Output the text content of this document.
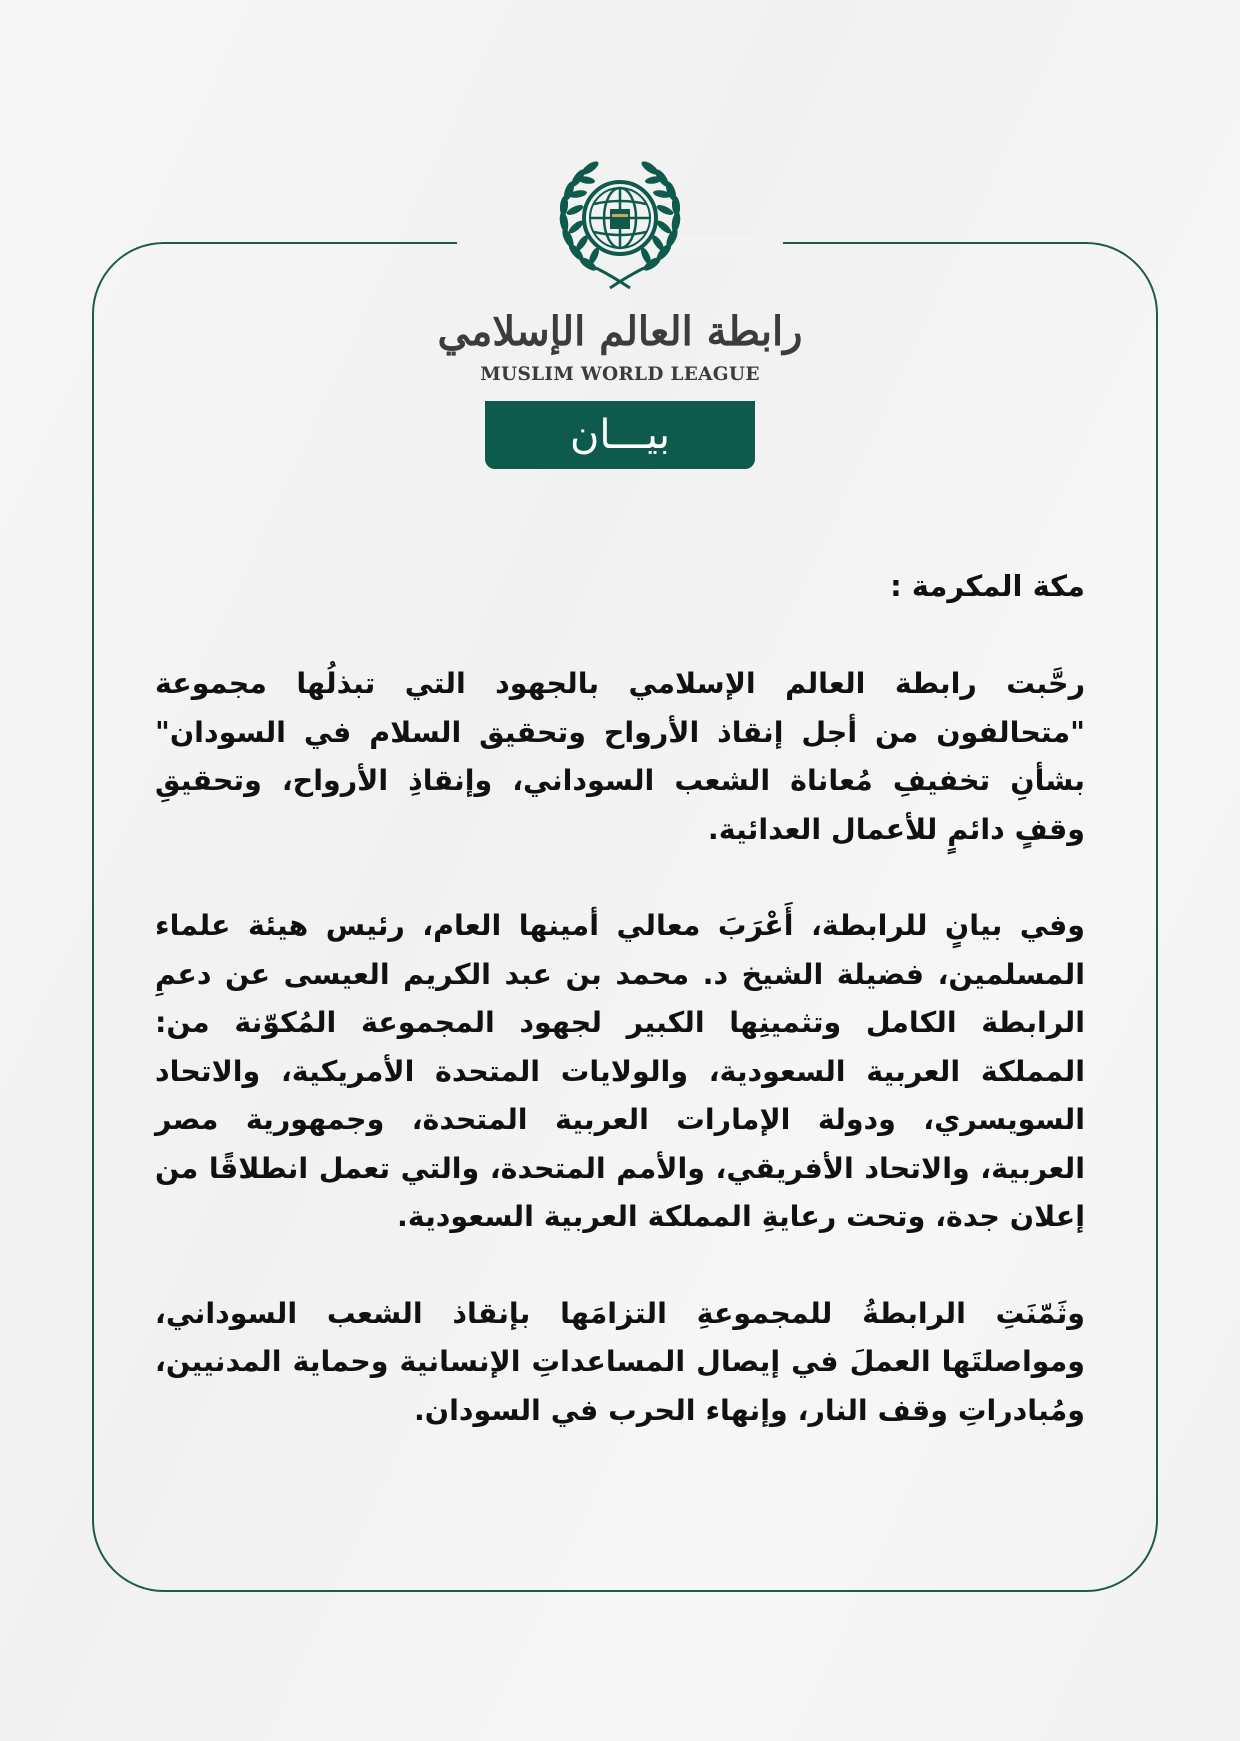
رابطة العالم الإسلامي
MUSLIM WORLD LEAGUE
بيـــان
مكة المكرمة :

رحَّبت رابطة العالم الإسلامي بالجهود التي تبذلُها مجموعة "متحالفون من أجل إنقاذ الأرواح وتحقيق السلام في السودان" بشأنِ تخفيفِ مُعاناة الشعب السوداني، وإنقاذِ الأرواح، وتحقيقِ وقفٍ دائمٍ للأعمال العدائية.

وفي بيانٍ للرابطة، أَعْرَبَ معالي أمينها العام، رئيس هيئة علماء المسلمين، فضيلة الشيخ د. محمد بن عبد الكريم العيسى عن دعمِ الرابطة الكامل وتثمينِها الكبير لجهود المجموعة المُكوّنة من: المملكة العربية السعودية، والولايات المتحدة الأمريكية، والاتحاد السويسري، ودولة الإمارات العربية المتحدة، وجمهورية مصر العربية، والاتحاد الأفريقي، والأمم المتحدة، والتي تعمل انطلاقًا من إعلان جدة، وتحت رعايةِ المملكة العربية السعودية.

وثَمّنَتِ الرابطةُ للمجموعةِ التزامَها بإنقاذ الشعب السوداني، ومواصلتَها العملَ في إيصال المساعداتِ الإنسانية وحماية المدنيين، ومُبادراتِ وقف النار، وإنهاء الحرب في السودان.
